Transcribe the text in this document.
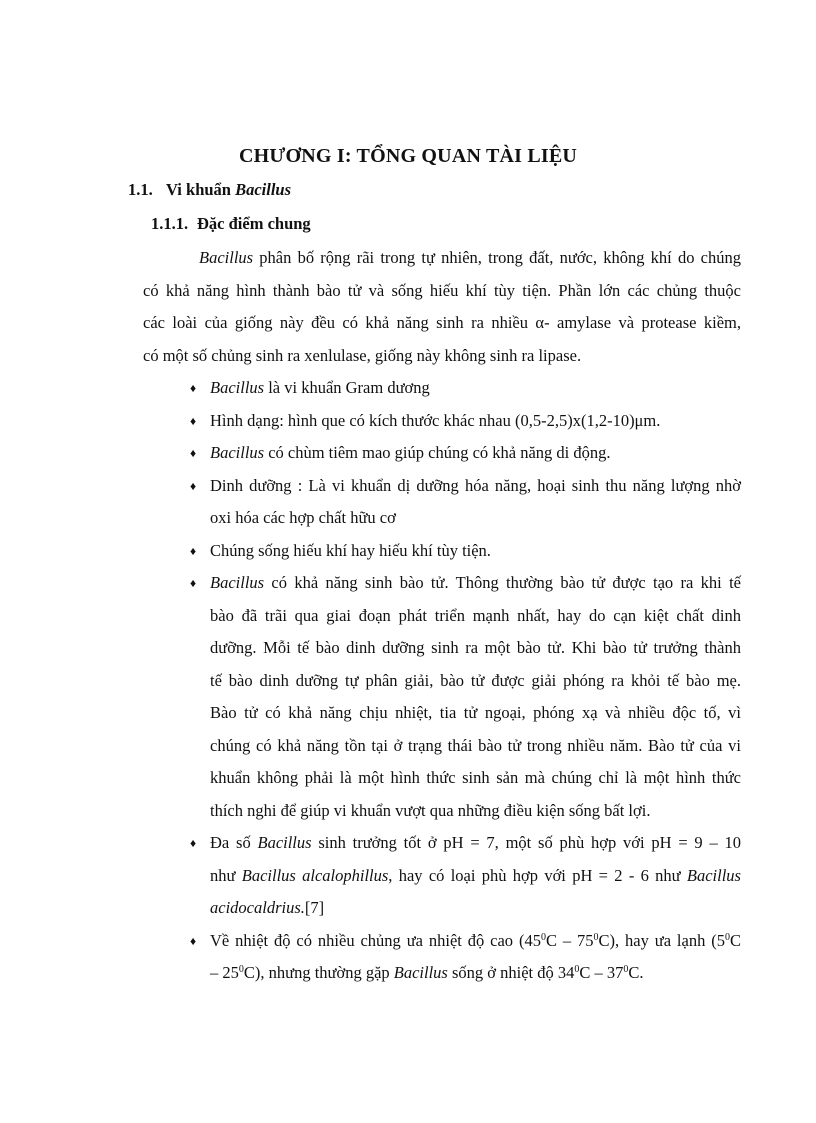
CHƯƠNG I: TỔNG QUAN TÀI LIỆU
1.1. Vi khuẩn Bacillus
1.1.1. Đặc điểm chung

Bacillus phân bố rộng rãi trong tự nhiên, trong đất, nước, không khí do chúng
có khả năng hình thành bào tử và sống hiếu khí tùy tiện. Phần lớn các chủng thuộc
các loài của giống này đều có khả năng sinh ra nhiều α- amylase và protease kiềm,
có một số chủng sinh ra xenlulase, giống này không sinh ra lipase.

♦ Bacillus là vi khuẩn Gram dương
♦ Hình dạng: hình que có kích thước khác nhau (0,5-2,5)x(1,2-10)μm.
♦ Bacillus có chùm tiêm mao giúp chúng có khả năng di động.
♦ Dinh dưỡng : Là vi khuẩn dị dưỡng hóa năng, hoại sinh thu năng lượng nhờ
oxi hóa các hợp chất hữu cơ
♦ Chúng sống hiếu khí hay hiếu khí tùy tiện.
♦ Bacillus có khả năng sinh bào tử. Thông thường bào tử được tạo ra khi tế
bào đã trãi qua giai đoạn phát triển mạnh nhất, hay do cạn kiệt chất dinh
dưỡng. Mỗi tế bào dinh dưỡng sinh ra một bào tử. Khi bào tử trưởng thành
tế bào dinh dưỡng tự phân giải, bào tử được giải phóng ra khỏi tế bào mẹ.
Bào tử có khả năng chịu nhiệt, tia tử ngoại, phóng xạ và nhiều độc tố, vì
chúng có khả năng tồn tại ở trạng thái bào tử trong nhiều năm. Bào tử của vi
khuẩn không phải là một hình thức sinh sản mà chúng chỉ là một hình thức
thích nghi để giúp vi khuẩn vượt qua những điều kiện sống bất lợi.
♦ Đa số Bacillus sinh trưởng tốt ở pH = 7, một số phù hợp với pH = 9 – 10
như Bacillus alcalophillus, hay có loại phù hợp với pH = 2 - 6 như Bacillus
acidocaldrius.[7]
♦ Về nhiệt độ có nhiều chủng ưa nhiệt độ cao $(45^0C - 75^0C)$, hay ưa lạnh ($5^0C$
– $25^0C$), nhưng thường gặp Bacillus sống ở nhiệt độ $34^0C - 37^0C$.
